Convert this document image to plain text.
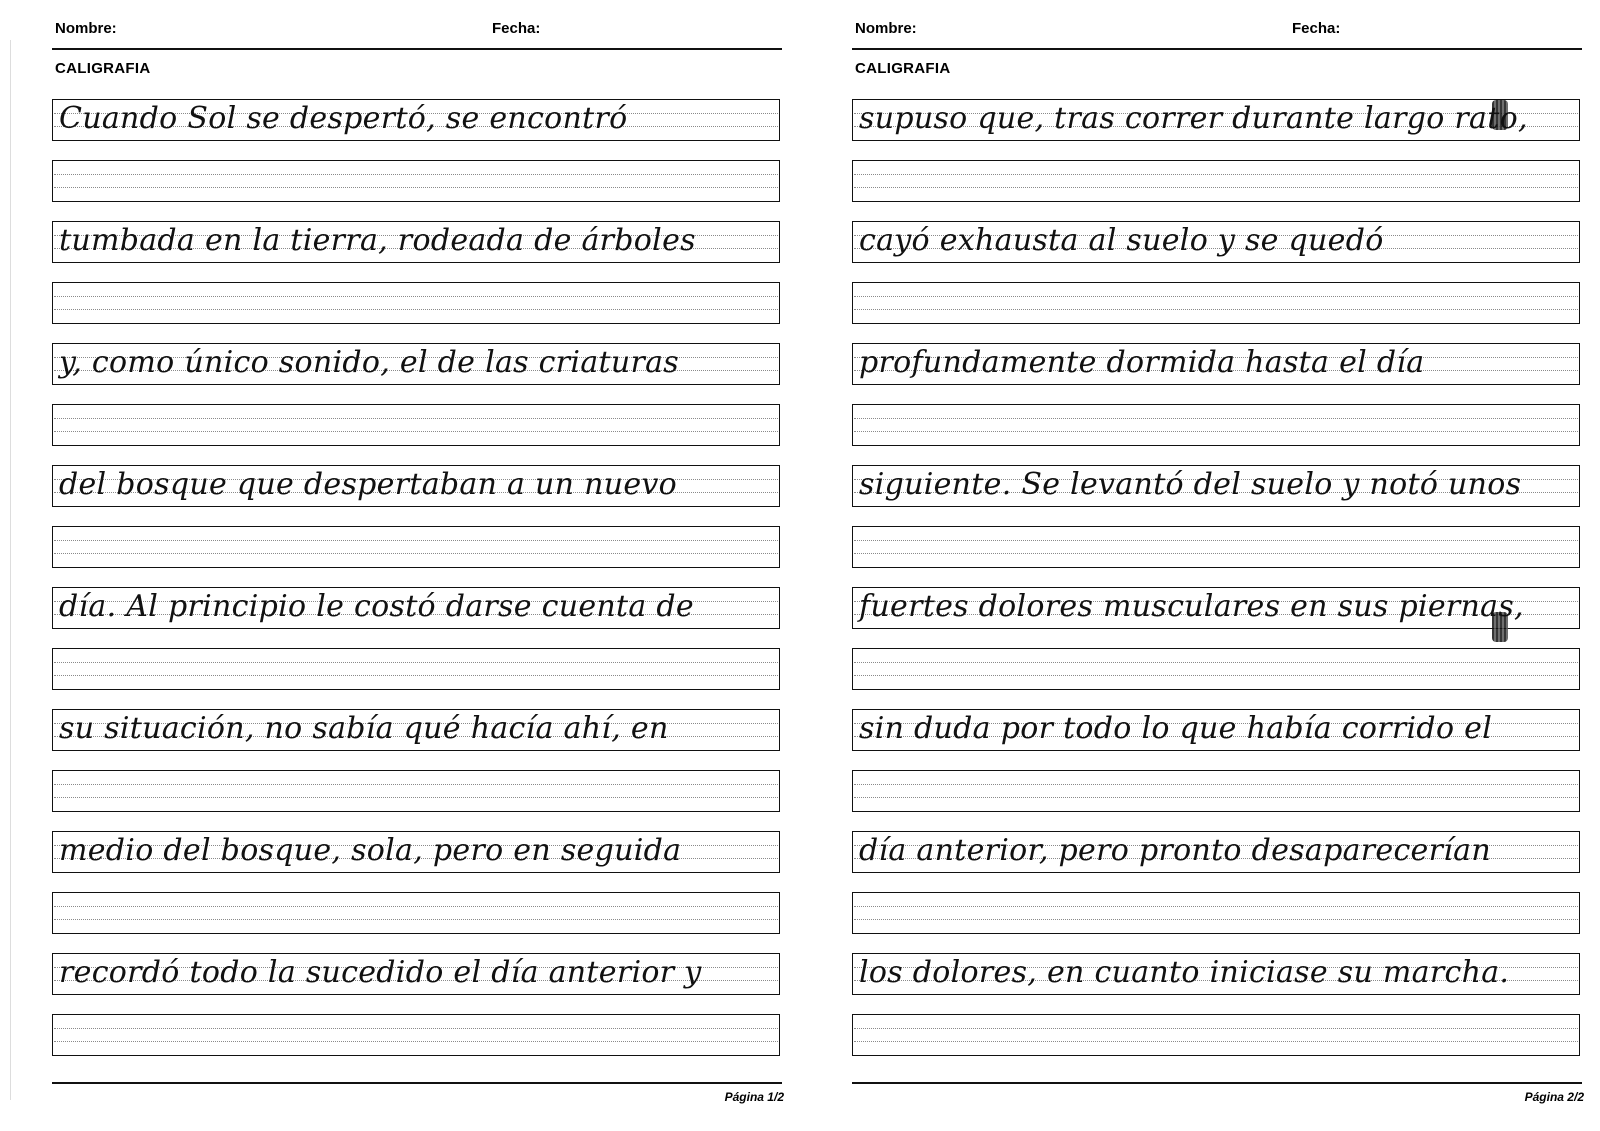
Nombre:	Fecha:
CALIGRAFIA
Cuando Sol se despertó, se encontró
tumbada en la tierra, rodeada de árboles
y, como único sonido, el de las criaturas
del bosque que despertaban a un nuevo
día. Al principio le costó darse cuenta de
su situación, no sabía qué hacía ahí, en
medio del bosque, sola, pero en seguida
recordó todo la sucedido el día anterior y
Página 1/2
Nombre:	Fecha:
CALIGRAFIA
supuso que, tras correr durante largo rato,
cayó exhausta al suelo y se quedó
profundamente dormida hasta el día
siguiente. Se levantó del suelo y notó unos
fuertes dolores musculares en sus piernas,
sin duda por todo lo que había corrido el
día anterior, pero pronto desaparecerían
los dolores, en cuanto iniciase su marcha.
Página 2/2
